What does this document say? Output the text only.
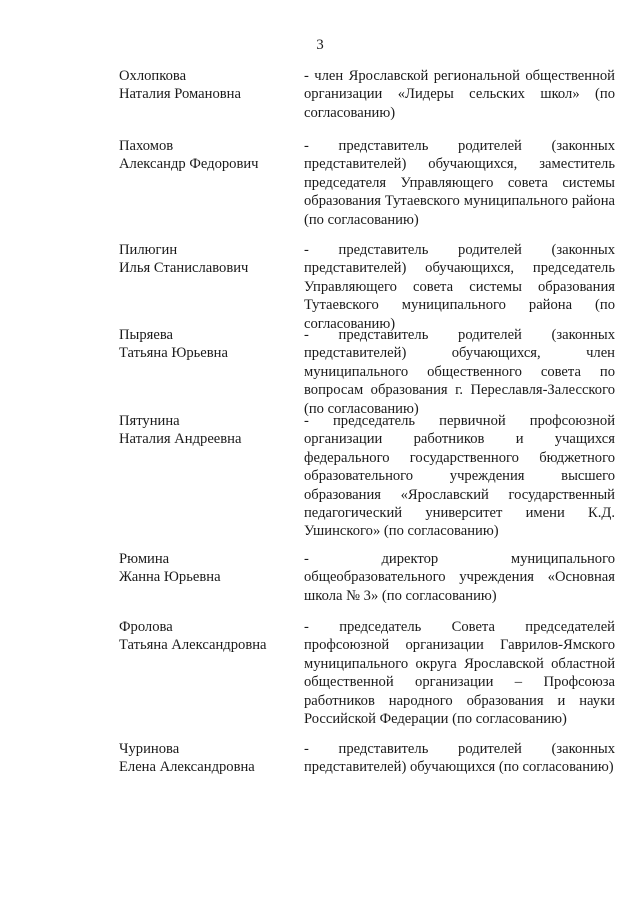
3
Охлопкова
Наталия Романовна
- член Ярославской региональной общественной организации «Лидеры сельских школ» (по согласованию)
Пахомов
Александр Федорович
- представитель родителей (законных представителей) обучающихся, заместитель председателя Управляющего совета системы образования Тутаевского муниципального района (по согласованию)
Пилюгин
Илья Станиславович
- представитель родителей (законных представителей) обучающихся, председатель Управляющего совета системы образования Тутаевского муниципального района (по согласованию)
Пыряева
Татьяна Юрьевна
- представитель родителей (законных представителей) обучающихся, член муниципального общественного совета по вопросам образования г. Переславля-Залесского (по согласованию)
Пятунина
Наталия Андреевна
- председатель первичной профсоюзной организации работников и учащихся федерального государственного бюджетного образовательного учреждения высшего образования «Ярославский государственный педагогический университет имени К.Д. Ушинского» (по согласованию)
Рюмина
Жанна Юрьевна
- директор муниципального общеобразовательного учреждения «Основная школа № 3» (по согласованию)
Фролова
Татьяна Александровна
- председатель Совета председателей профсоюзной организации Гаврилов-Ямского муниципального округа Ярославской областной общественной организации – Профсоюза работников народного образования и науки Российской Федерации (по согласованию)
Чуринова
Елена Александровна
- представитель родителей (законных представителей) обучающихся (по согласованию)
